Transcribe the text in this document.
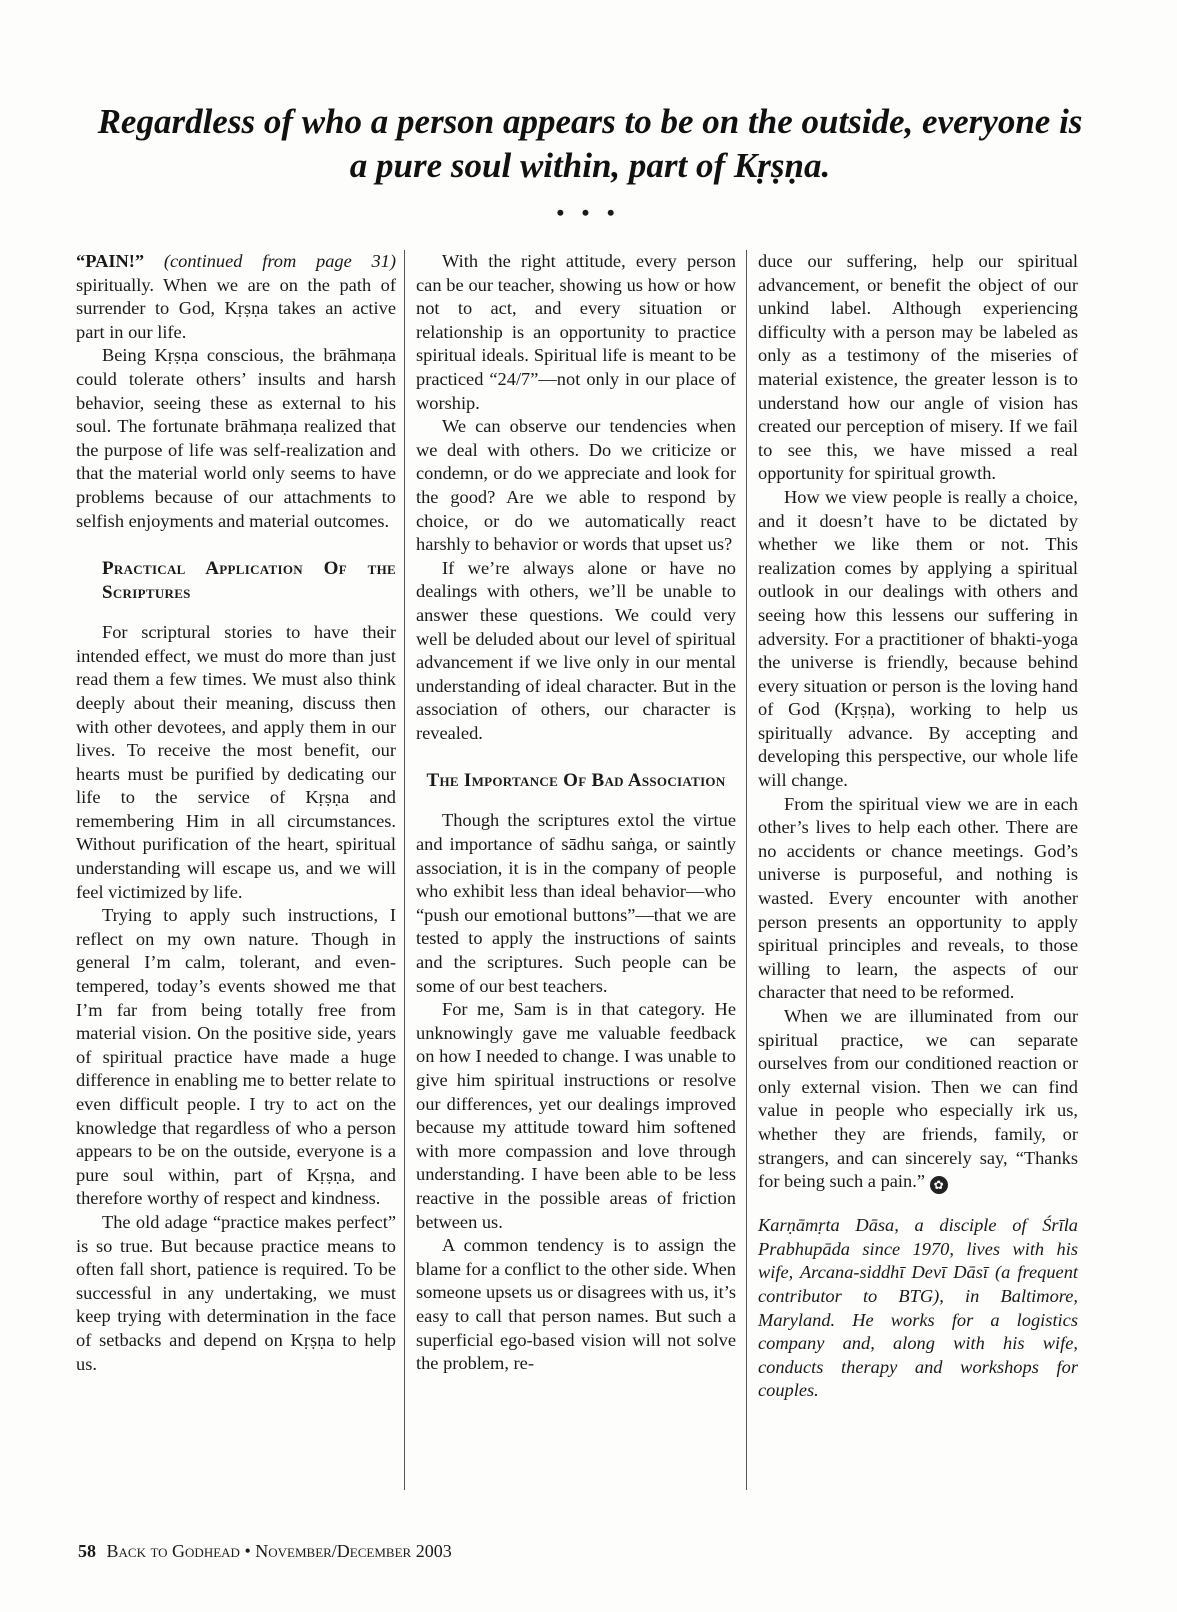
Regardless of who a person appears to be on the outside, everyone is a pure soul within, part of Kṛṣṇa.
• • •

“PAIN!” (continued from page 31) spiritually. When we are on the path of surrender to God, Kṛṣṇa takes an active part in our life.

Being Kṛṣṇa conscious, the brāhmaṇa could tolerate others’ insults and harsh behavior, seeing these as external to his soul. The fortunate brāhmaṇa realized that the purpose of life was self-realization and that the material world only seems to have problems because of our attachments to selfish enjoyments and material outcomes.

Practical Application Of the Scriptures

For scriptural stories to have their intended effect, we must do more than just read them a few times. We must also think deeply about their meaning, discuss then with other devotees, and apply them in our lives. To receive the most benefit, our hearts must be purified by dedicating our life to the service of Kṛṣṇa and remembering Him in all circumstances. Without purification of the heart, spiritual understanding will escape us, and we will feel victimized by life.

Trying to apply such instructions, I reflect on my own nature. Though in general I’m calm, tolerant, and even-tempered, today’s events showed me that I’m far from being totally free from material vision. On the positive side, years of spiritual practice have made a huge difference in enabling me to better relate to even difficult people. I try to act on the knowledge that regardless of who a person appears to be on the outside, everyone is a pure soul within, part of Kṛṣṇa, and therefore worthy of respect and kindness.

The old adage “practice makes perfect” is so true. But because practice means to often fall short, patience is required. To be successful in any undertaking, we must keep trying with determination in the face of setbacks and depend on Kṛṣṇa to help us.

With the right attitude, every person can be our teacher, showing us how or how not to act, and every situation or relationship is an opportunity to practice spiritual ideals. Spiritual life is meant to be practiced “24/7”—not only in our place of worship.

We can observe our tendencies when we deal with others. Do we criticize or condemn, or do we appreciate and look for the good? Are we able to respond by choice, or do we automatically react harshly to behavior or words that upset us?

If we’re always alone or have no dealings with others, we’ll be unable to answer these questions. We could very well be deluded about our level of spiritual advancement if we live only in our mental understanding of ideal character. But in the association of others, our character is revealed.

The Importance Of Bad Association

Though the scriptures extol the virtue and importance of sādhu saṅga, or saintly association, it is in the company of people who exhibit less than ideal behavior—who “push our emotional buttons”—that we are tested to apply the instructions of saints and the scriptures. Such people can be some of our best teachers.

For me, Sam is in that category. He unknowingly gave me valuable feedback on how I needed to change. I was unable to give him spiritual instructions or resolve our differences, yet our dealings improved because my attitude toward him softened with more compassion and love through understanding. I have been able to be less reactive in the possible areas of friction between us.

A common tendency is to assign the blame for a conflict to the other side. When someone upsets us or disagrees with us, it’s easy to call that person names. But such a superficial ego-based vision will not solve the problem, re-

duce our suffering, help our spiritual advancement, or benefit the object of our unkind label. Although experiencing difficulty with a person may be labeled as only as a testimony of the miseries of material existence, the greater lesson is to understand how our angle of vision has created our perception of misery. If we fail to see this, we have missed a real opportunity for spiritual growth.

How we view people is really a choice, and it doesn’t have to be dictated by whether we like them or not. This realization comes by applying a spiritual outlook in our dealings with others and seeing how this lessens our suffering in adversity. For a practitioner of bhakti-yoga the universe is friendly, because behind every situation or person is the loving hand of God (Kṛṣṇa), working to help us spiritually advance. By accepting and developing this perspective, our whole life will change.

From the spiritual view we are in each other’s lives to help each other. There are no accidents or chance meetings. God’s universe is purposeful, and nothing is wasted. Every encounter with another person presents an opportunity to apply spiritual principles and reveals, to those willing to learn, the aspects of our character that need to be reformed.

When we are illuminated from our spiritual practice, we can separate ourselves from our conditioned reaction or only external vision. Then we can find value in people who especially irk us, whether they are friends, family, or strangers, and can sincerely say, “Thanks for being such a pain.” ✿

Karṇāmṛta Dāsa, a disciple of Śrīla Prabhupāda since 1970, lives with his wife, Arcana-siddhī Devī Dāsī (a frequent contributor to BTG), in Baltimore, Maryland. He works for a logistics company and, along with his wife, conducts therapy and workshops for couples.

58 Back to Godhead • November/December 2003
